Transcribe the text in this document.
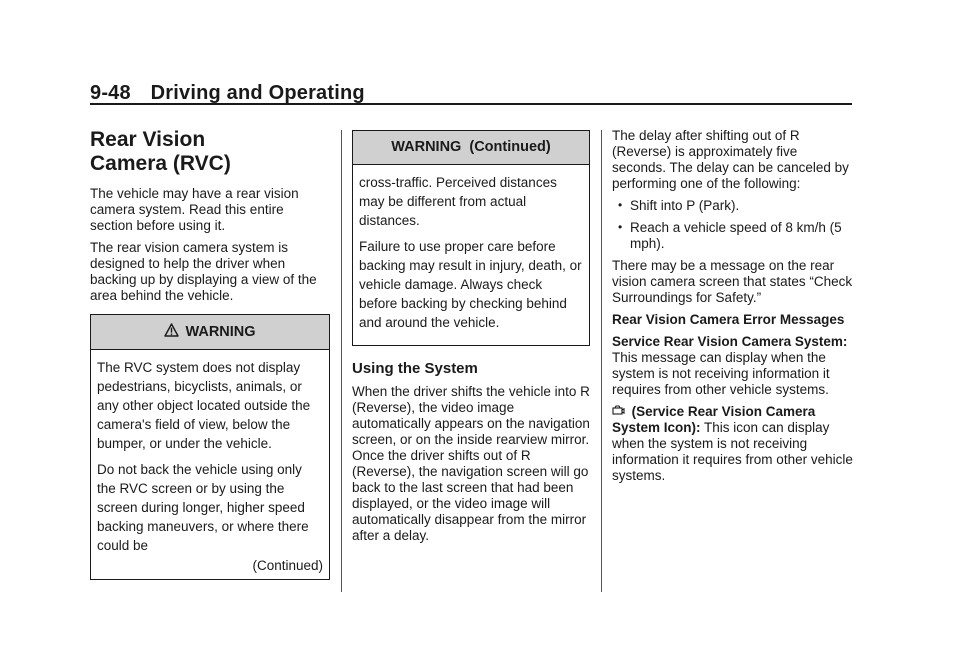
9-48 Driving and Operating
Rear Vision
Camera (RVC)

The vehicle may have a rear vision camera system. Read this entire section before using it.

The rear vision camera system is designed to help the driver when backing up by displaying a view of the area behind the vehicle.

WARNING

The RVC system does not display pedestrians, bicyclists, animals, or any other object located outside the camera's field of view, below the bumper, or under the vehicle.

Do not back the vehicle using only the RVC screen or by using the screen during longer, higher speed backing maneuvers, or where there could be

(Continued)
WARNING  (Continued)

cross-traffic. Perceived distances may be different from actual distances.

Failure to use proper care before backing may result in injury, death, or vehicle damage. Always check before backing by checking behind and around the vehicle.

Using the System

When the driver shifts the vehicle into R (Reverse), the video image automatically appears on the navigation screen, or on the inside rearview mirror. Once the driver shifts out of R (Reverse), the navigation screen will go back to the last screen that had been displayed, or the video image will automatically disappear from the mirror after a delay.

The delay after shifting out of R (Reverse) is approximately five seconds. The delay can be canceled by performing one of the following:

• Shift into P (Park).

• Reach a vehicle speed of 8 km/h (5 mph).

There may be a message on the rear vision camera screen that states “Check Surroundings for Safety.”

Rear Vision Camera Error Messages

Service Rear Vision Camera System: This message can display when the system is not receiving information it requires from other vehicle systems.

(Service Rear Vision Camera System Icon): This icon can display when the system is not receiving information it requires from other vehicle systems.
